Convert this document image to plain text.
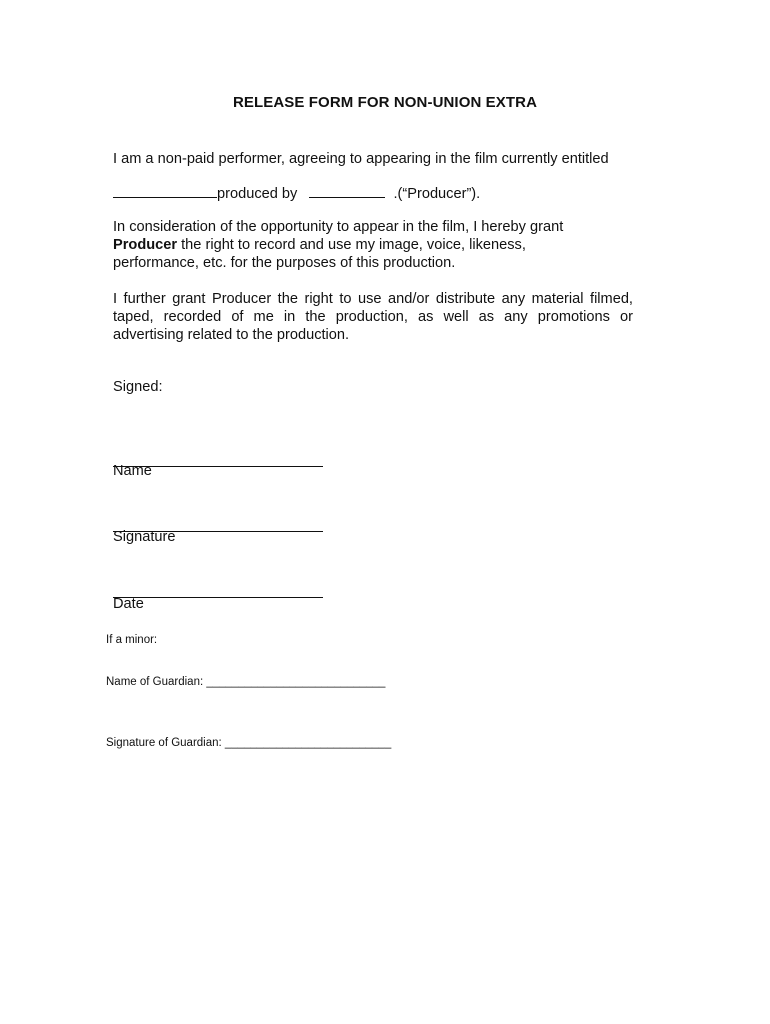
RELEASE FORM FOR NON-UNION EXTRA

I am a non-paid performer, agreeing to appearing in the film currently entitled

produced by	.(“Producer”).

In consideration of the opportunity to appear in the film, I hereby grant
Producer the right to record and use my image, voice, likeness, performance, etc. for the purposes of this production.

I further grant Producer the right to use and/or distribute any material filmed, taped, recorded of me in the production, as well as any promotions or advertising related to the production.

Signed:
Name
Signature
Date
If a minor:
Name of Guardian: ____________________________
Signature of Guardian: __________________________
